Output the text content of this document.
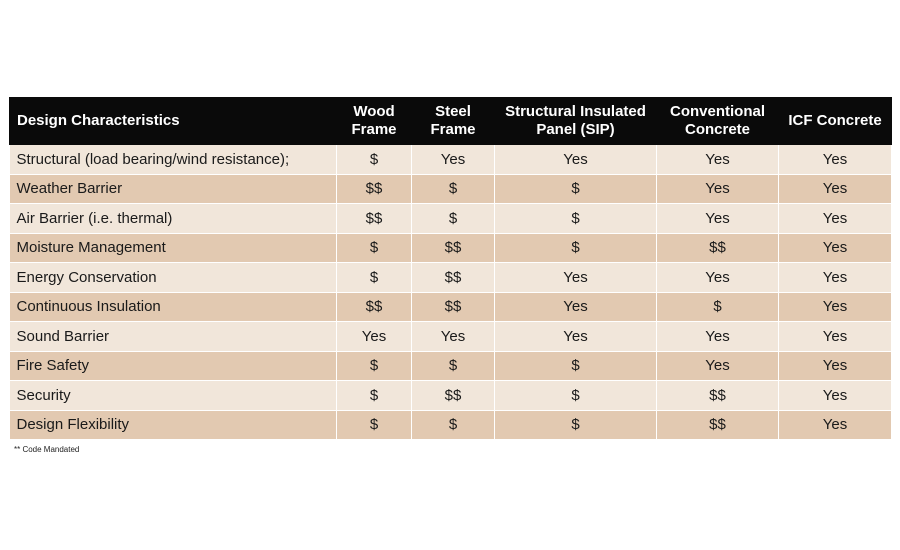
Design Characteristics	Wood Frame	Steel Frame	Structural Insulated Panel (SIP)	Conventional Concrete	ICF Concrete
Structural (load bearing/wind resistance);	$	Yes	Yes	Yes	Yes
Weather Barrier	$$	$	$	Yes	Yes
Air Barrier (i.e. thermal)	$$	$	$	Yes	Yes
Moisture Management	$	$$	$	$$	Yes
Energy Conservation	$	$$	Yes	Yes	Yes
Continuous Insulation	$$	$$	Yes	$	Yes
Sound Barrier	Yes	Yes	Yes	Yes	Yes
Fire Safety	$	$	$	Yes	Yes
Security	$	$$	$	$$	Yes
Design Flexibility	$	$	$	$$	Yes
** Code Mandated
